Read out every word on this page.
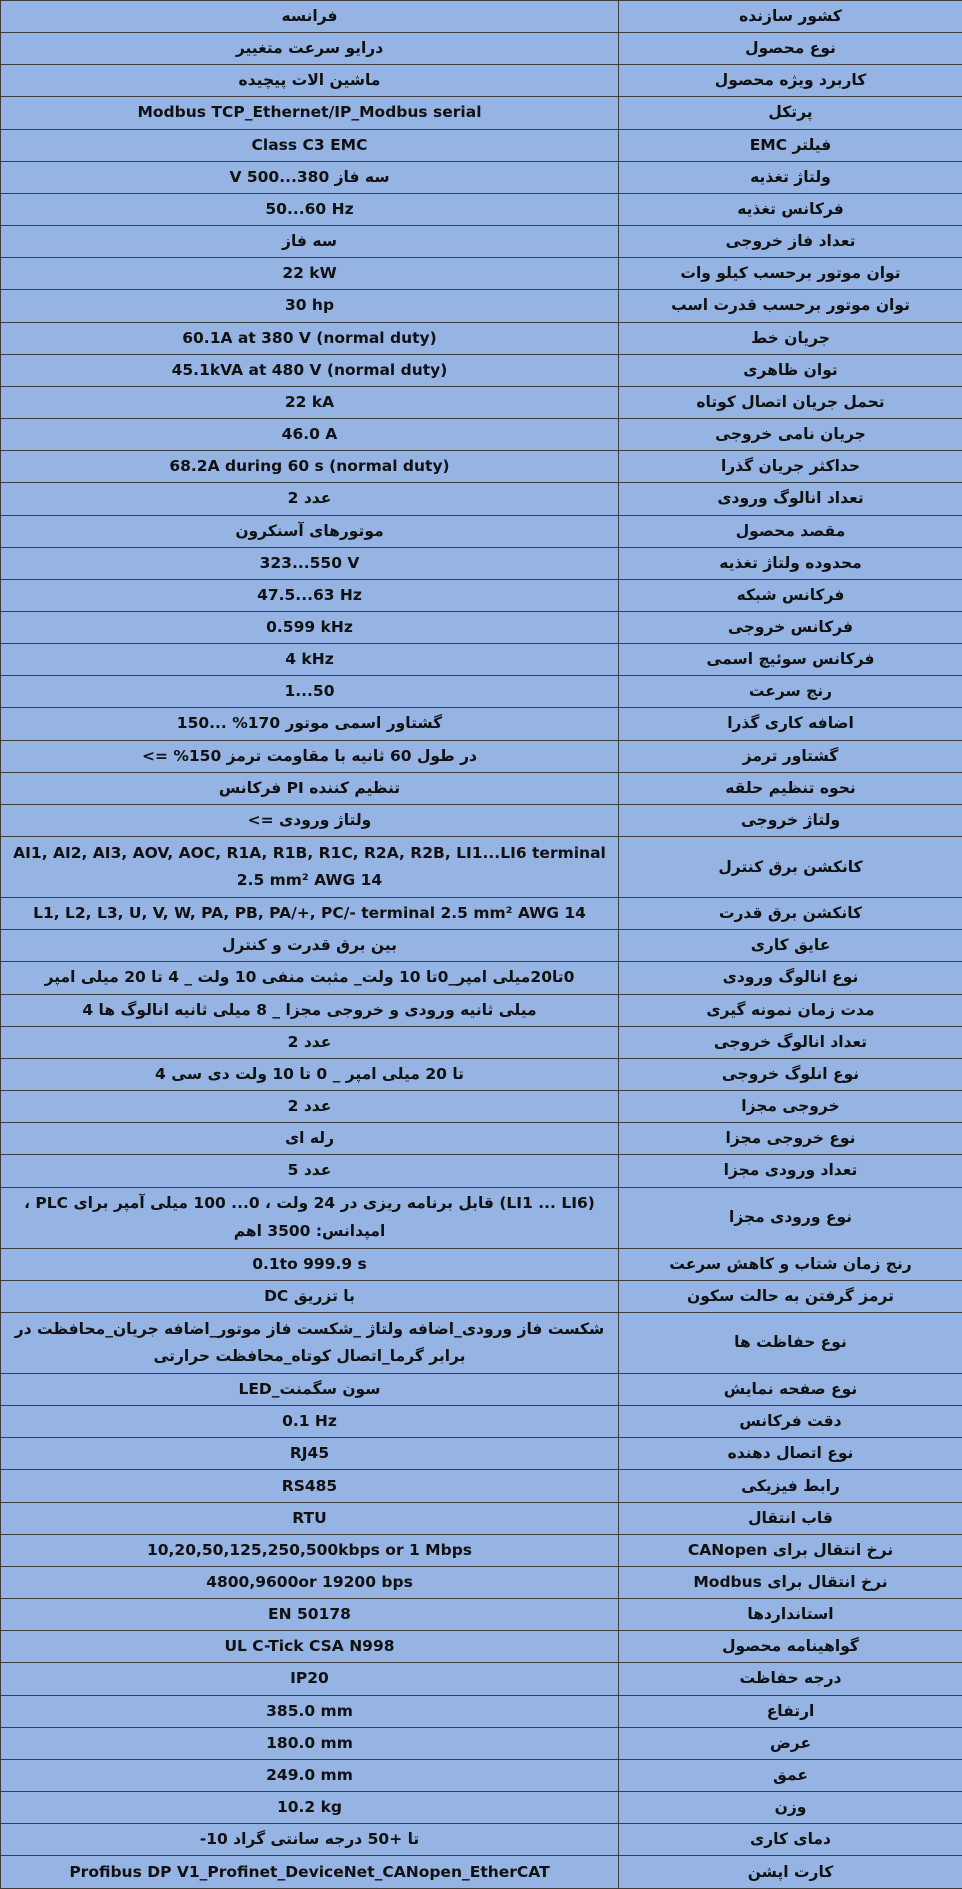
فرانسه	کشور سازنده
درایو سرعت متغییر	نوع محصول
ماشین الات پیچیده	کاربرد ویژه محصول
Modbus TCP_Ethernet/IP_Modbus serial	پرتکل
Class C3 EMC	فیلتر EMC
سه فاز 380...500 V	ولتاژ تغذیه
50...60 Hz	فرکانس تغذیه
سه فاز	تعداد فاز خروجی
22 kW	توان موتور برحسب کیلو وات
30 hp	توان موتور برحسب قدرت اسب
60.1A at 380 V (normal duty)	جریان خط
45.1kVA at 480 V (normal duty)	توان ظاهری
22 kA	تحمل جریان اتصال کوتاه
46.0 A	جریان نامی خروجی
68.2A during 60 s (normal duty)	حداکثر جریان گذرا
عدد 2	تعداد انالوگ ورودی
موتورهای آسنکرون	مقصد محصول
323...550 V	محدوده ولتاژ تغذیه
47.5...63 Hz	فرکانس شبکه
0.599 kHz	فرکانس خروجی
4 kHz	فرکانس سوئیچ اسمی
1...50	رنج سرعت
گشتاور اسمی موتور 170% ...150	اضافه کاری گذرا
در طول 60 ثانیه با مقاومت ترمز 150% =>	گشتاور ترمز
تنظیم کننده PI فرکانس	نحوه تنظیم حلقه
ولتاژ ورودی =>	ولتاژ خروجی
AI1, AI2, AI3, AOV, AOC, R1A, R1B, R1C, R2A, R2B, LI1...LI6 terminal 2.5 mm² AWG 14	کانکشن برق کنترل
L1, L2, L3, U, V, W, PA, PB, PA/+, PC/- terminal 2.5 mm² AWG 14	کانکشن برق قدرت
بین برق قدرت و کنترل	عایق کاری
0تا20میلی امپر_0تا 10 ولت_ مثبت منفی 10 ولت _ 4 تا 20 میلی امپر	نوع انالوگ ورودی
میلی ثانیه ورودی و خروجی مجزا _ 8 میلی ثانیه انالوگ ها 4	مدت زمان نمونه گیری
عدد 2	تعداد انالوگ خروجی
تا 20 میلی امپر _ 0 تا 10 ولت دی سی 4	نوع انلوگ خروجی
عدد 2	خروجی مجزا
رله ای	نوع خروجی مجزا
عدد 5	تعداد ورودی مجزا
، PLC قابل برنامه ریزی در 24 ولت ، 0... 100 میلی آمپر برای (LI1 ... LI6) امپدانس: 3500 اهم	نوع ورودی مجزا
0.1to 999.9 s	رنج زمان شتاب و کاهش سرعت
با تزریق DC	ترمز گرفتن به حالت سکون
شکست فاز ورودی_اضافه ولتاژ _شکست فاز موتور_اضافه جریان_محافظت در برابر گرما_اتصال کوتاه_محافظت حرارتی	نوع حفاظت ها
سون سگمنت_LED	نوع صفحه نمایش
0.1 Hz	دقت فرکانس
RJ45	نوع اتصال دهنده
RS485	رابط فیزیکی
RTU	قاب انتقال
10,20,50,125,250,500kbps or 1 Mbps	نرخ انتقال برای CANopen
4800,9600or 19200 bps	نرخ انتقال برای Modbus
EN 50178	استانداردها
UL C-Tick CSA N998	گواهینامه محصول
IP20	درجه حفاظت
385.0 mm	ارتفاع
180.0 mm	عرض
249.0 mm	عمق
10.2 kg	وزن
تا +50 درجه سانتی گراد 10-	دمای کاری
Profibus DP V1_Profinet_DeviceNet_CANopen_EtherCAT	کارت اپشن
